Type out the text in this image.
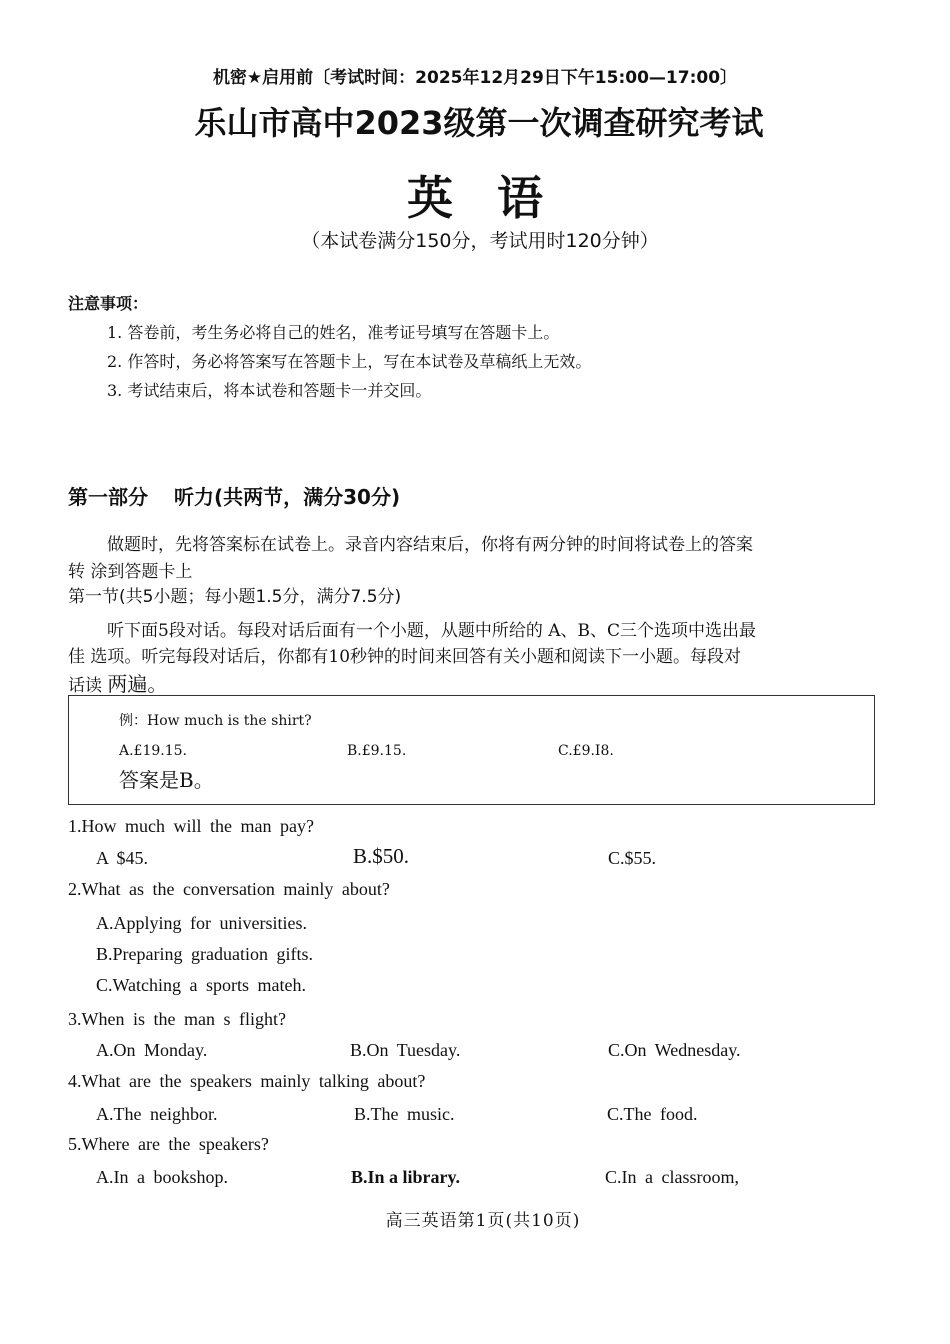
机密★启用前〔考试时间：2025年12月29日下午15:00—17:00〕
乐山市高中2023级第一次调查研究考试
英语
（本试卷满分150分，考试用时120分钟）
注意事项：
1. 答卷前，考生务必将自己的姓名，准考证号填写在答题卡上。
2. 作答时，务必将答案写在答题卡上，写在本试卷及草稿纸上无效。
3. 考试结束后，将本试卷和答题卡一并交回。
第一部分 听力(共两节，满分30分)
做题时，先将答案标在试卷上。录音内容结束后，你将有两分钟的时间将试卷上的答案
转 涂到答题卡上
第一节(共5小题；每小题1.5分，满分7.5分)
听下面5段对话。每段对话后面有一个小题，从题中所给的 A、B、C三个选项中选出最
佳 选项。听完每段对话后，你都有10秒钟的时间来回答有关小题和阅读下一小题。每段对
话读 两遍。
例：How much is the shirt?
A.£19.15.	B.£9.15.	C.£9.I8.
答案是B。
1.How much will the man pay?
A $45.	B.$50.	C.$55.
2.What as the conversation mainly about?
A.Applying for universities.
B.Preparing graduation gifts.
C.Watching a sports mateh.
3.When is the man s flight?
A.On Monday.	B.On Tuesday.	C.On Wednesday.
4.What are the speakers mainly talking about?
A.The neighbor.	B.The music.	C.The food.
5.Where are the speakers?
A.In a bookshop.	B.In a library.	C.In a classroom,
高三英语第1页(共10页)
